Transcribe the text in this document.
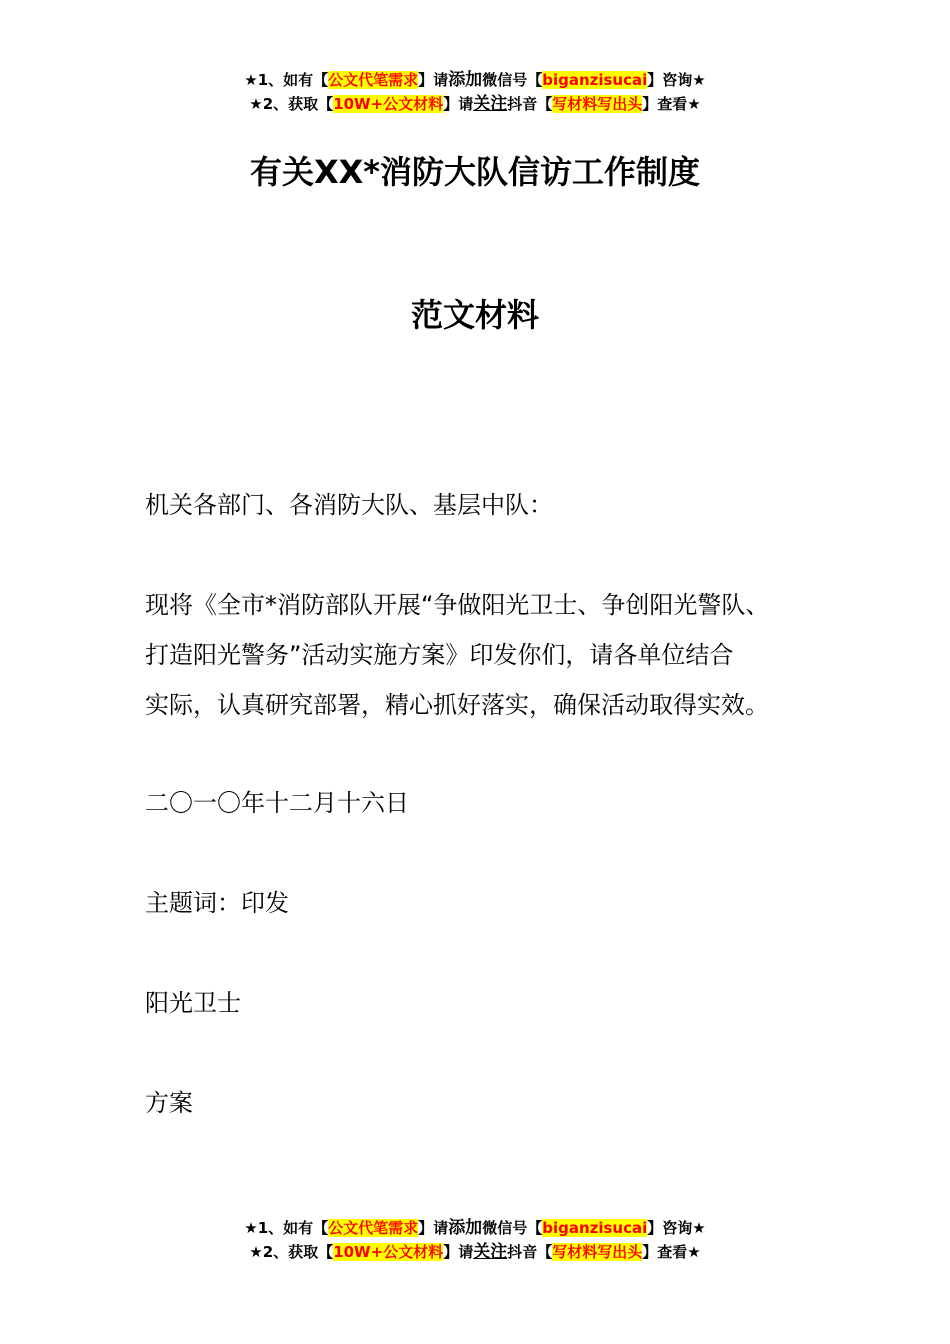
★1、如有【公文代笔需求】请添加微信号【biganzisucai】咨询★
★2、获取【10W+公文材料】请关注抖音【写材料写出头】查看★
有关XX*消防大队信访工作制度
范文材料
机关各部门、各消防大队、基层中队：
现将《全市*消防部队开展“争做阳光卫士、争创阳光警队、
打造阳光警务”活动实施方案》印发你们，请各单位结合
实际，认真研究部署，精心抓好落实，确保活动取得实效。
二〇一〇年十二月十六日
主题词：印发
阳光卫士
方案
★1、如有【公文代笔需求】请添加微信号【biganzisucai】咨询★
★2、获取【10W+公文材料】请关注抖音【写材料写出头】查看★
